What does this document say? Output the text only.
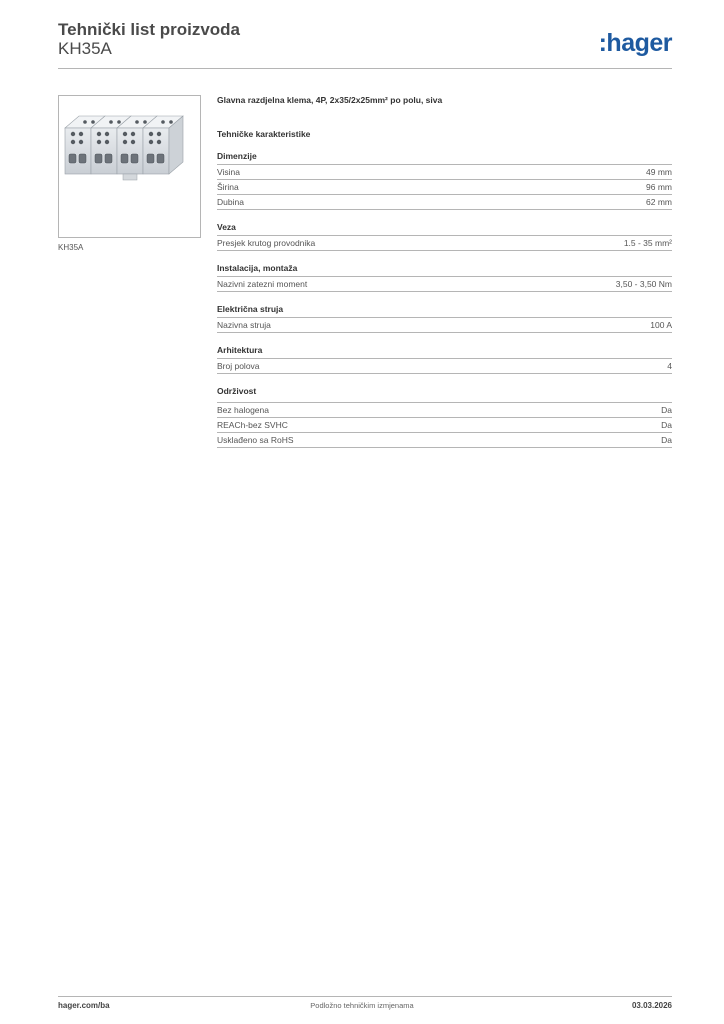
Tehnički list proizvoda
KH35A	:hager
KH35A
Glavna razdjelna klema, 4P, 2x35/2x25mm² po polu, siva
Tehničke karakteristike
Dimenzije
Visina	49 mm
Širina	96 mm
Dubina	62 mm
Veza
Presjek krutog provodnika	1.5 - 35 mm²
Instalacija, montaža
Nazivni zatezni moment	3,50 - 3,50 Nm
Električna struja
Nazivna struja	100 A
Arhitektura
Broj polova	4
Održivost
Bez halogena	Da
REACh-bez SVHC	Da
Usklađeno sa RoHS	Da
hager.com/ba	Podložno tehničkim izmjenama	03.03.2026
